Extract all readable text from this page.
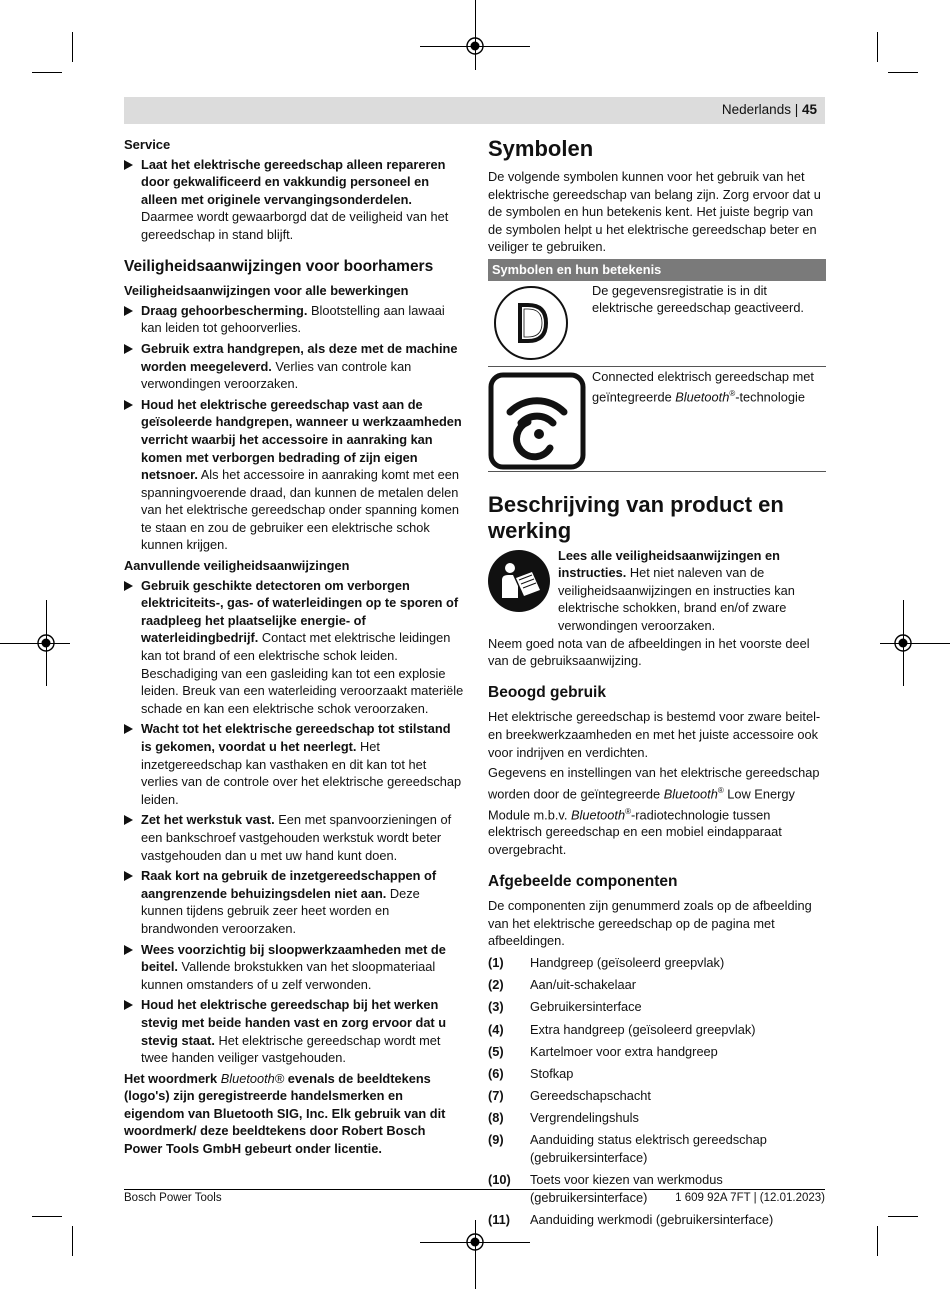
Nederlands | 45
Service
Laat het elektrische gereedschap alleen repareren door gekwalificeerd en vakkundig personeel en alleen met originele vervangingsonderdelen. Daarmee wordt gewaarborgd dat de veiligheid van het gereedschap in stand blijft.
Veiligheidsaanwijzingen voor boorhamers
Veiligheidsaanwijzingen voor alle bewerkingen
Draag gehoorbescherming. Blootstelling aan lawaai kan leiden tot gehoorverlies.
Gebruik extra handgrepen, als deze met de machine worden meegeleverd. Verlies van controle kan verwondingen veroorzaken.
Houd het elektrische gereedschap vast aan de geïsoleerde handgrepen, wanneer u werkzaamheden verricht waarbij het accessoire in aanraking kan komen met verborgen bedrading of zijn eigen netsnoer. Als het accessoire in aanraking komt met een spanningvoerende draad, dan kunnen de metalen delen van het elektrische gereedschap onder spanning komen te staan en zou de gebruiker een elektrische schok kunnen krijgen.
Aanvullende veiligheidsaanwijzingen
Gebruik geschikte detectoren om verborgen elektriciteits-, gas- of waterleidingen op te sporen of raadpleeg het plaatselijke energie- of waterleidingbedrijf. Contact met elektrische leidingen kan tot brand of een elektrische schok leiden. Beschadiging van een gasleiding kan tot een explosie leiden. Breuk van een waterleiding veroorzaakt materiële schade en kan een elektrische schok veroorzaken.
Wacht tot het elektrische gereedschap tot stilstand is gekomen, voordat u het neerlegt. Het inzetgereedschap kan vasthaken en dit kan tot het verlies van de controle over het elektrische gereedschap leiden.
Zet het werkstuk vast. Een met spanvoorzieningen of een bankschroef vastgehouden werkstuk wordt beter vastgehouden dan u met uw hand kunt doen.
Raak kort na gebruik de inzetgereedschappen of aangrenzende behuizingsdelen niet aan. Deze kunnen tijdens gebruik zeer heet worden en brandwonden veroorzaken.
Wees voorzichtig bij sloopwerkzaamheden met de beitel. Vallende brokstukken van het sloopmateriaal kunnen omstanders of u zelf verwonden.
Houd het elektrische gereedschap bij het werken stevig met beide handen vast en zorg ervoor dat u stevig staat. Het elektrische gereedschap wordt met twee handen veiliger vastgehouden.

Het woordmerk Bluetooth® evenals de beeldtekens (logo's) zijn geregistreerde handelsmerken en eigendom van Bluetooth SIG, Inc. Elk gebruik van dit woordmerk/ deze beeldtekens door Robert Bosch Power Tools GmbH gebeurt onder licentie.

Symbolen

De volgende symbolen kunnen voor het gebruik van het elektrische gereedschap van belang zijn. Zorg ervoor dat u de symbolen en hun betekenis kent. Het juiste begrip van de symbolen helpt u het elektrische gereedschap beter en veiliger te gebruiken.

Symbolen en hun betekenis
De gegevensregistratie is in dit elektrische gereedschap geactiveerd.
Connected elektrisch gereedschap met geïntegreerde Bluetooth®-technologie
Beschrijving van product en werking
Lees alle veiligheidsaanwijzingen en instructies. Het niet naleven van de veiligheidsaanwijzingen en instructies kan elektrische schokken, brand en/of zware verwondingen veroorzaken.

Neem goed nota van de afbeeldingen in het voorste deel van de gebruiksaanwijzing.

Beoogd gebruik

Het elektrische gereedschap is bestemd voor zware beitel- en breekwerkzaamheden en met het juiste accessoire ook voor indrijven en verdichten.

Gegevens en instellingen van het elektrische gereedschap worden door de geïntegreerde Bluetooth® Low Energy Module m.b.v. Bluetooth®-radiotechnologie tussen elektrisch gereedschap en een mobiel eindapparaat overgebracht.

Afgebeelde componenten

De componenten zijn genummerd zoals op de afbeelding van het elektrische gereedschap op de pagina met afbeeldingen.

(1)	Handgreep (geïsoleerd greepvlak)
(2)	Aan/uit-schakelaar
(3)	Gebruikersinterface
(4)	Extra handgreep (geïsoleerd greepvlak)
(5)	Kartelmoer voor extra handgreep
(6)	Stofkap
(7)	Gereedschapschacht
(8)	Vergrendelingshuls
(9)	Aanduiding status elektrisch gereedschap (gebruikersinterface)
(10)	Toets voor kiezen van werkmodus (gebruikersinterface)
(11)	Aanduiding werkmodi (gebruikersinterface)
Bosch Power Tools	1 609 92A 7FT | (12.01.2023)
